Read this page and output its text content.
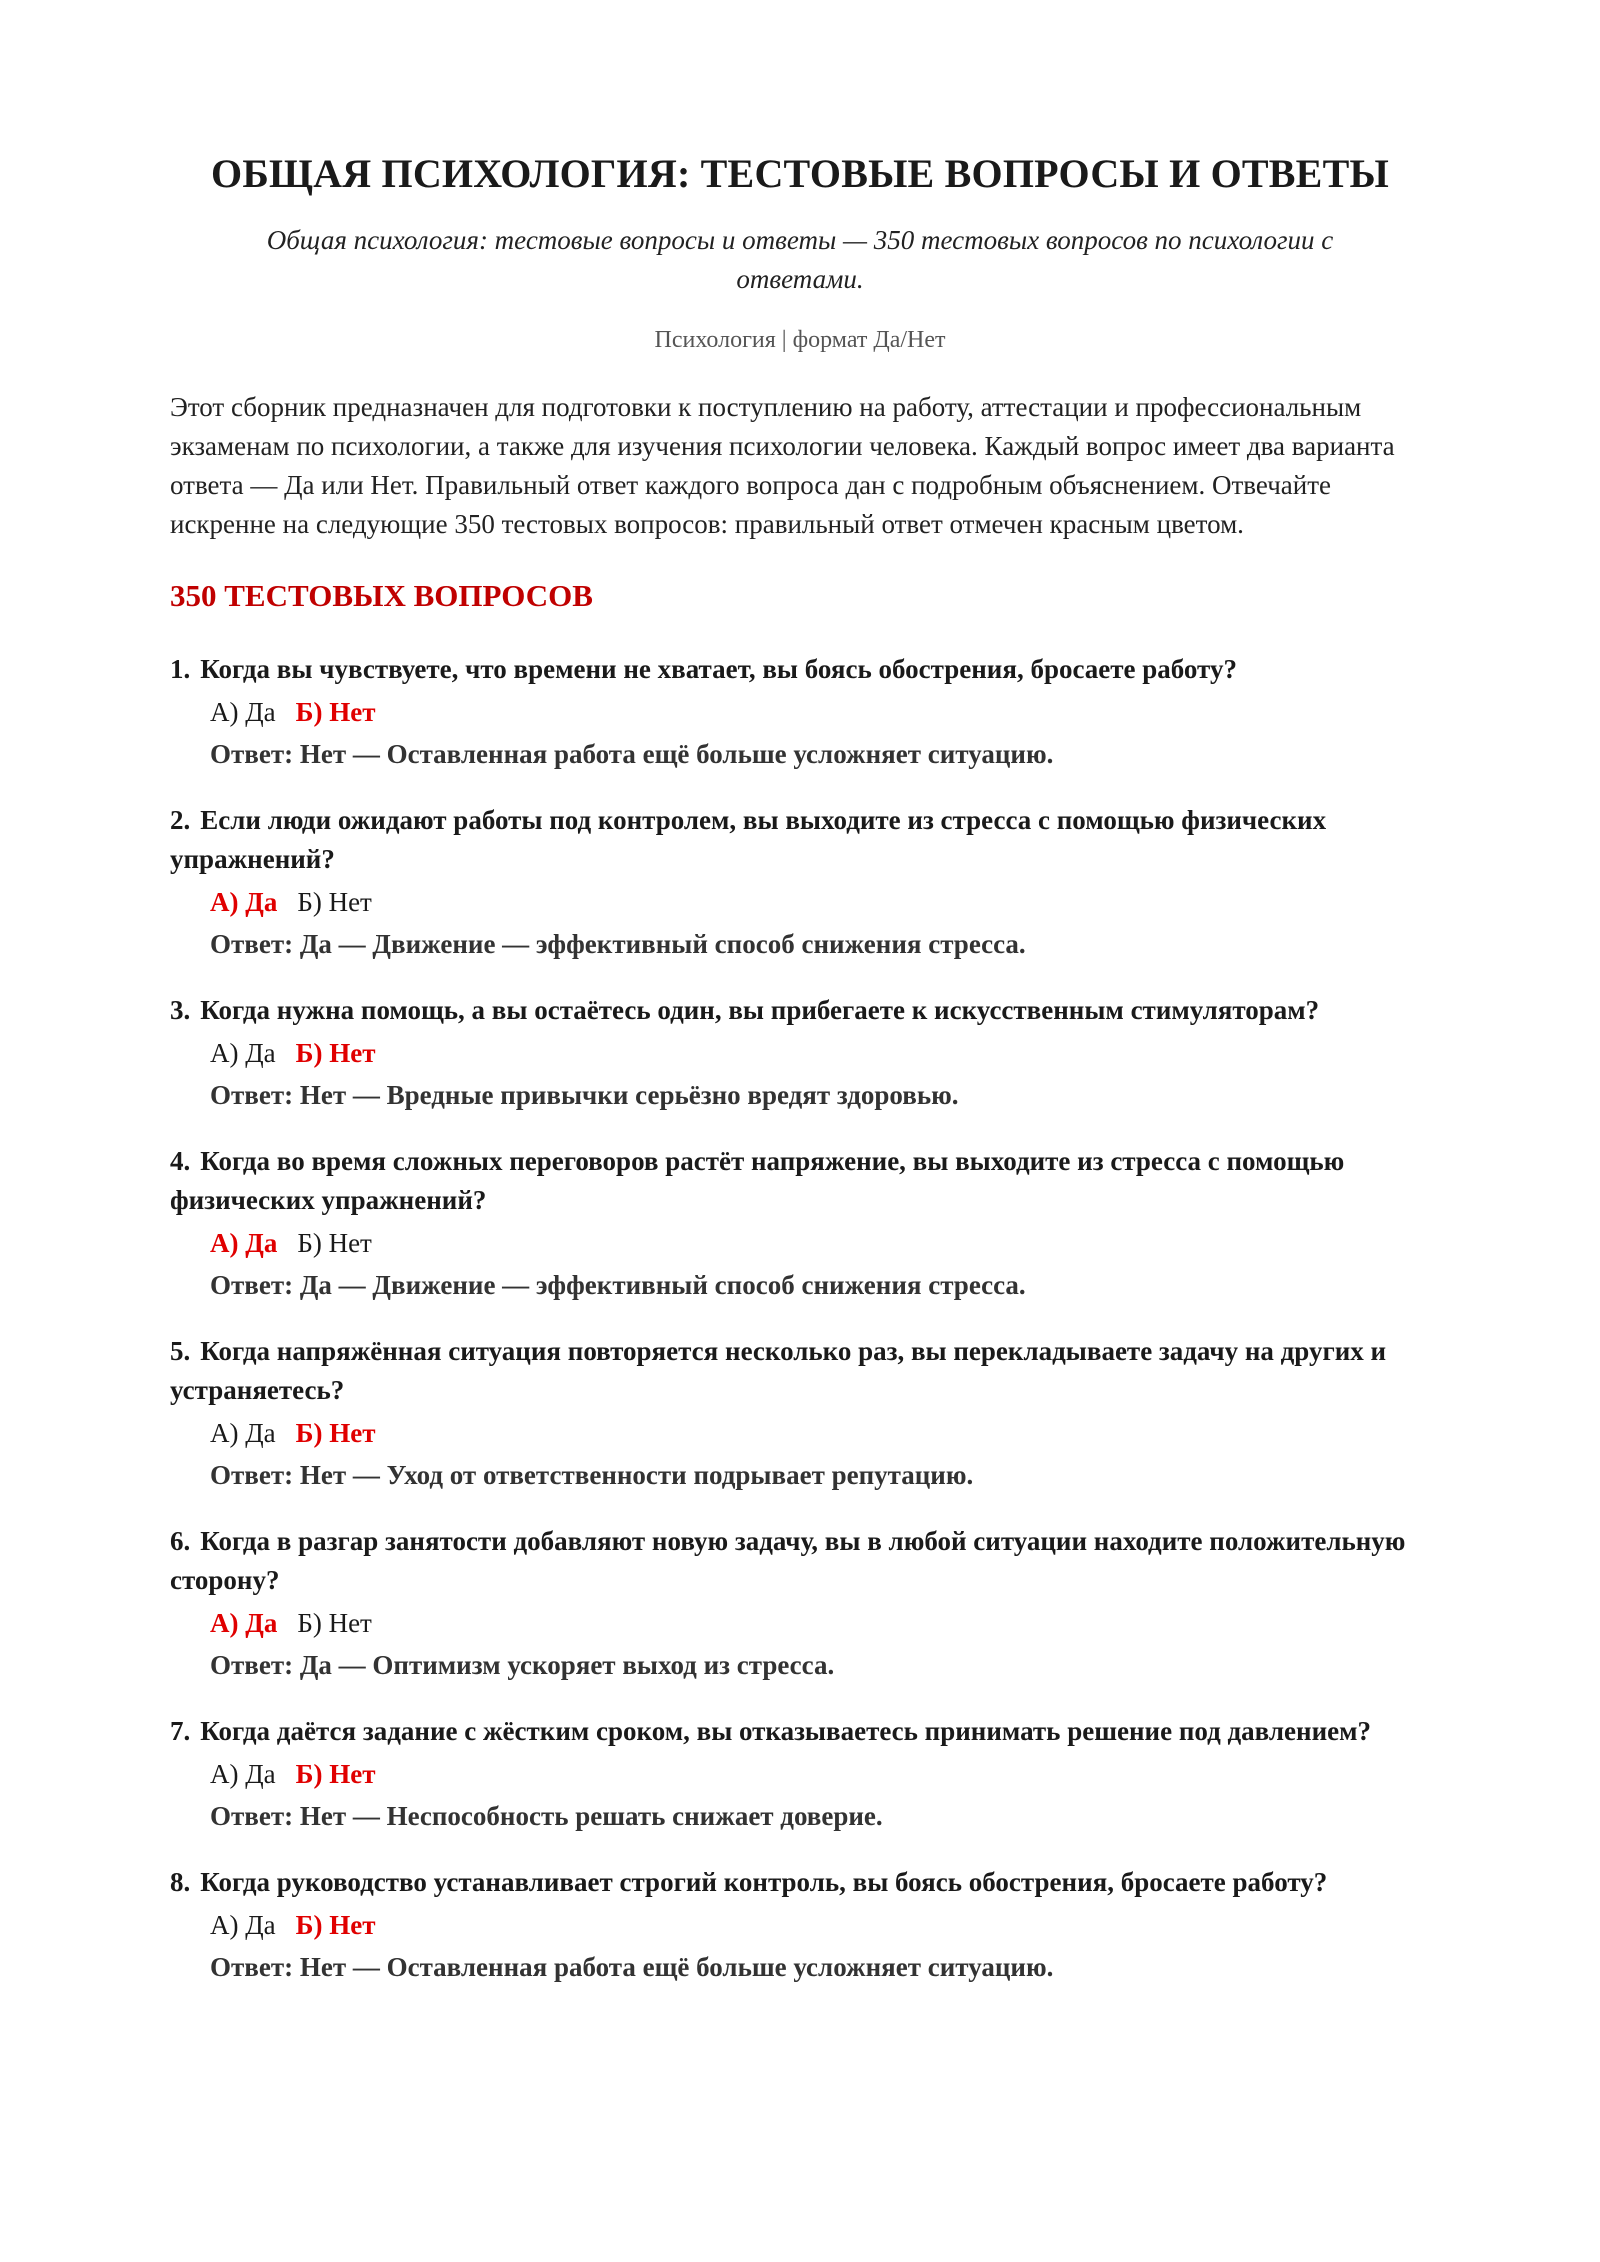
ОБЩАЯ ПСИХОЛОГИЯ: ТЕСТОВЫЕ ВОПРОСЫ И ОТВЕТЫ

Общая психология: тестовые вопросы и ответы — 350 тестовых вопросов по психологии с ответами.

Психология | формат Да/Нет

Этот сборник предназначен для подготовки к поступлению на работу, аттестации и профессиональным экзаменам по психологии, а также для изучения психологии человека. Каждый вопрос имеет два варианта ответа — Да или Нет. Правильный ответ каждого вопроса дан с подробным объяснением. Отвечайте искренне на следующие 350 тестовых вопросов: правильный ответ отмечен красным цветом.

350 ТЕСТОВЫХ ВОПРОСОВ

1. Когда вы чувствуете, что времени не хватает, вы боясь обострения, бросаете работу?

А) Да Б) Нет
Ответ: Нет — Оставленная работа ещё больше усложняет ситуацию.

2. Если люди ожидают работы под контролем, вы выходите из стресса с помощью физических упражнений?

А) Да Б) Нет
Ответ: Да — Движение — эффективный способ снижения стресса.

3. Когда нужна помощь, а вы остаётесь один, вы прибегаете к искусственным стимуляторам?

А) Да Б) Нет
Ответ: Нет — Вредные привычки серьёзно вредят здоровью.

4. Когда во время сложных переговоров растёт напряжение, вы выходите из стресса с помощью физических упражнений?

А) Да Б) Нет
Ответ: Да — Движение — эффективный способ снижения стресса.

5. Когда напряжённая ситуация повторяется несколько раз, вы перекладываете задачу на других и устраняетесь?

А) Да Б) Нет
Ответ: Нет — Уход от ответственности подрывает репутацию.

6. Когда в разгар занятости добавляют новую задачу, вы в любой ситуации находите положительную сторону?

А) Да Б) Нет
Ответ: Да — Оптимизм ускоряет выход из стресса.

7. Когда даётся задание с жёстким сроком, вы отказываетесь принимать решение под давлением?

А) Да Б) Нет
Ответ: Нет — Неспособность решать снижает доверие.

8. Когда руководство устанавливает строгий контроль, вы боясь обострения, бросаете работу?

А) Да Б) Нет
Ответ: Нет — Оставленная работа ещё больше усложняет ситуацию.
